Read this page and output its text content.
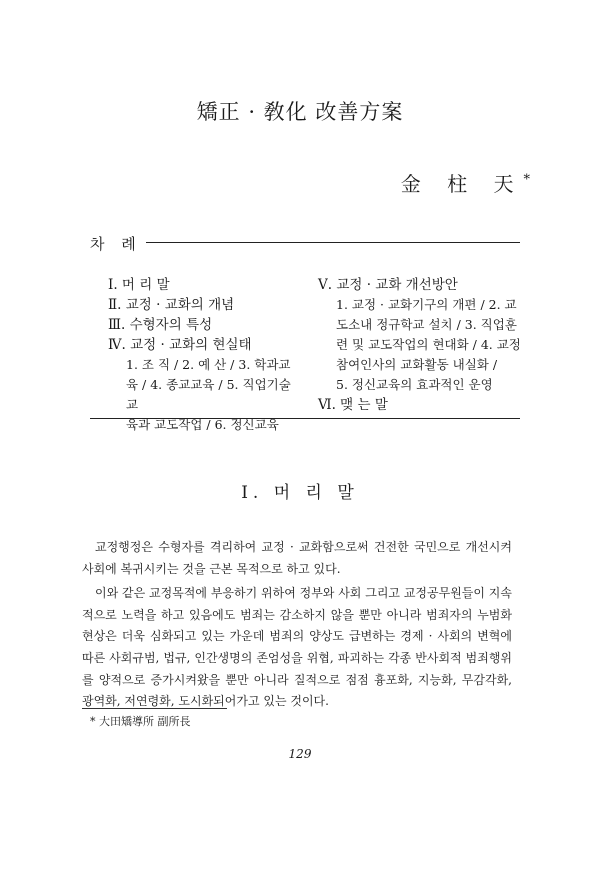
矯正 · 敎化 改善方案
金 柱 天*
차 례
Ⅰ. 머 리 말
Ⅱ. 교정 · 교화의 개념
Ⅲ. 수형자의 특성
Ⅳ. 교정 · 교화의 현실태
1. 조 직 / 2. 예 산 / 3. 학과교
육 / 4. 종교교육 / 5. 직업기술교
육과 교도작업 / 6. 정신교육
Ⅴ. 교정 · 교화 개선방안
1. 교정 · 교화기구의 개편 / 2. 교
도소내 정규학교 설치 / 3. 직업훈
련 및 교도작업의 현대화 / 4. 교정
참여인사의 교화활동 내실화 /
5. 정신교육의 효과적인 운영
Ⅵ. 맺 는 말
Ⅰ. 머 리 말

교정행정은 수형자를 격리하여 교정 · 교화함으로써 건전한 국민으로 개선시켜 사회에 복귀시키는 것을 근본 목적으로 하고 있다.

이와 같은 교정목적에 부응하기 위하여 정부와 사회 그리고 교정공무원들이 지속적으로 노력을 하고 있음에도 범죄는 감소하지 않을 뿐만 아니라 범죄자의 누범화 현상은 더욱 심화되고 있는 가운데 범죄의 양상도 급변하는 경제 · 사회의 변혁에 따른 사회규범, 법규, 인간생명의 존엄성을 위협, 파괴하는 각종 반사회적 범죄행위를 양적으로 증가시켜왔을 뿐만 아니라 질적으로 점점 흉포화, 지능화, 무감각화, 광역화, 저연령화, 도시화되어가고 있는 것이다.

* 大田矯導所 副所長
129
